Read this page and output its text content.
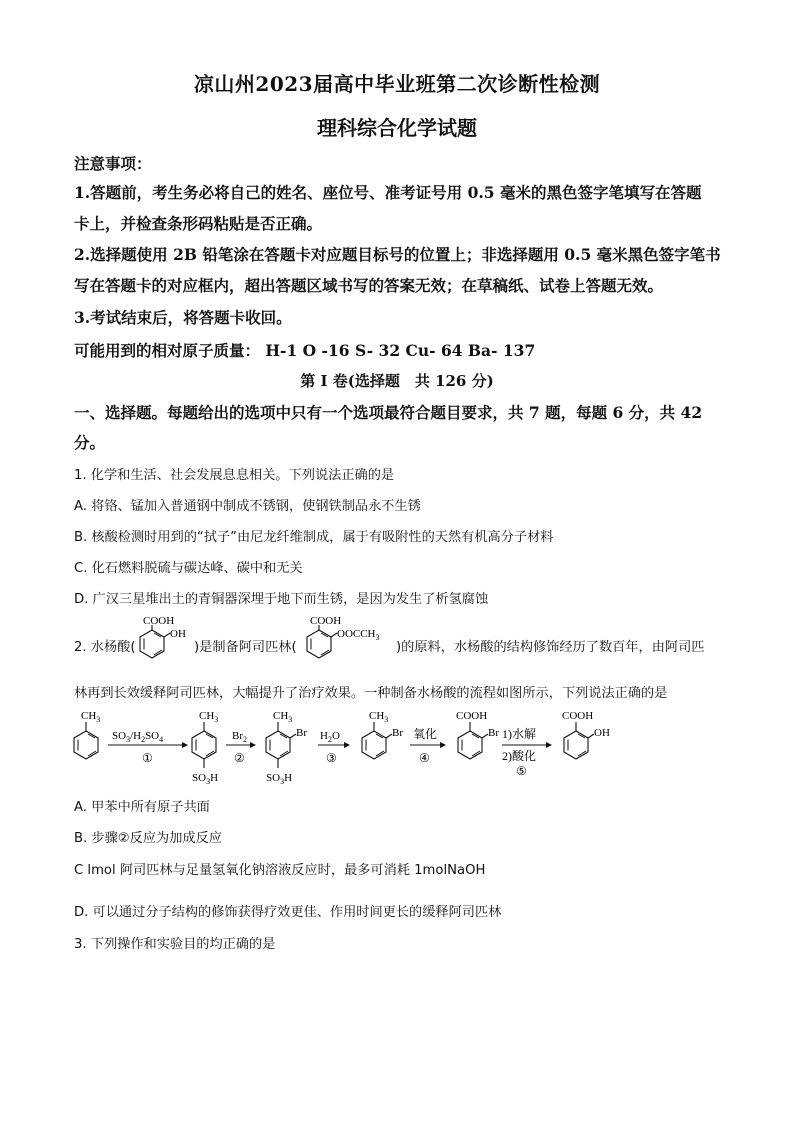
凉山州2023届高中毕业班第二次诊断性检测
理科综合化学试题
注意事项：
1.答题前，考生务必将自己的姓名、座位号、准考证号用 0.5 毫米的黑色签字笔填写在答题
卡上，并检查条形码粘贴是否正确。
2.选择题使用 2B 铅笔涂在答题卡对应题目标号的位置上；非选择题用 0.5 毫米黑色签字笔书
写在答题卡的对应框内，超出答题区域书写的答案无效；在草稿纸、试卷上答题无效。
3.考试结束后，将答题卡收回。
可能用到的相对原子质量： H-1 O -16 S- 32 Cu- 64 Ba- 137
第 I 卷(选择题　共 126 分)
一、选择题。每题给出的选项中只有一个选项最符合题目要求，共 7 题，每题 6 分，共 42
分。
1. 化学和生活、社会发展息息相关。下列说法正确的是
A. 将铬、锰加入普通钢中制成不锈钢，使钢铁制品永不生锈
B. 核酸检测时用到的“拭子”由尼龙纤维制成，属于有吸附性的天然有机高分子材料
C. 化石燃料脱硫与碳达峰、碳中和无关
D. 广汉三星堆出土的青铜器深埋于地下而生锈，是因为发生了析氢腐蚀
2. 水杨酸(
COOH
OH
)是制备阿司匹林(
COOH
$OOCCH_3$
)的原料，水杨酸的结构修饰经历了数百年，由阿司匹
林再到长效缓释阿司匹林，大幅提升了治疗效果。一种制备水杨酸的流程如图所示，下列说法正确的是
$CH_3$
$SO_3/H_2SO_4$
①
$CH_3$
$SO_3H$
$Br_2$
②
$CH_3$
Br
$SO_3H$
$H_2O$
③
$CH_3$
Br 氧化
④
COOH
Br 1)水解
2)酸化
⑤
COOH
OH
A. 甲苯中所有原子共面
B. 步骤②反应为加成反应
C lmol 阿司匹林与足量氢氧化钠溶液反应时，最多可消耗 1molNaOH
D. 可以通过分子结构的修饰获得疗效更佳、作用时间更长的缓释阿司匹林
3. 下列操作和实验目的均正确的是
